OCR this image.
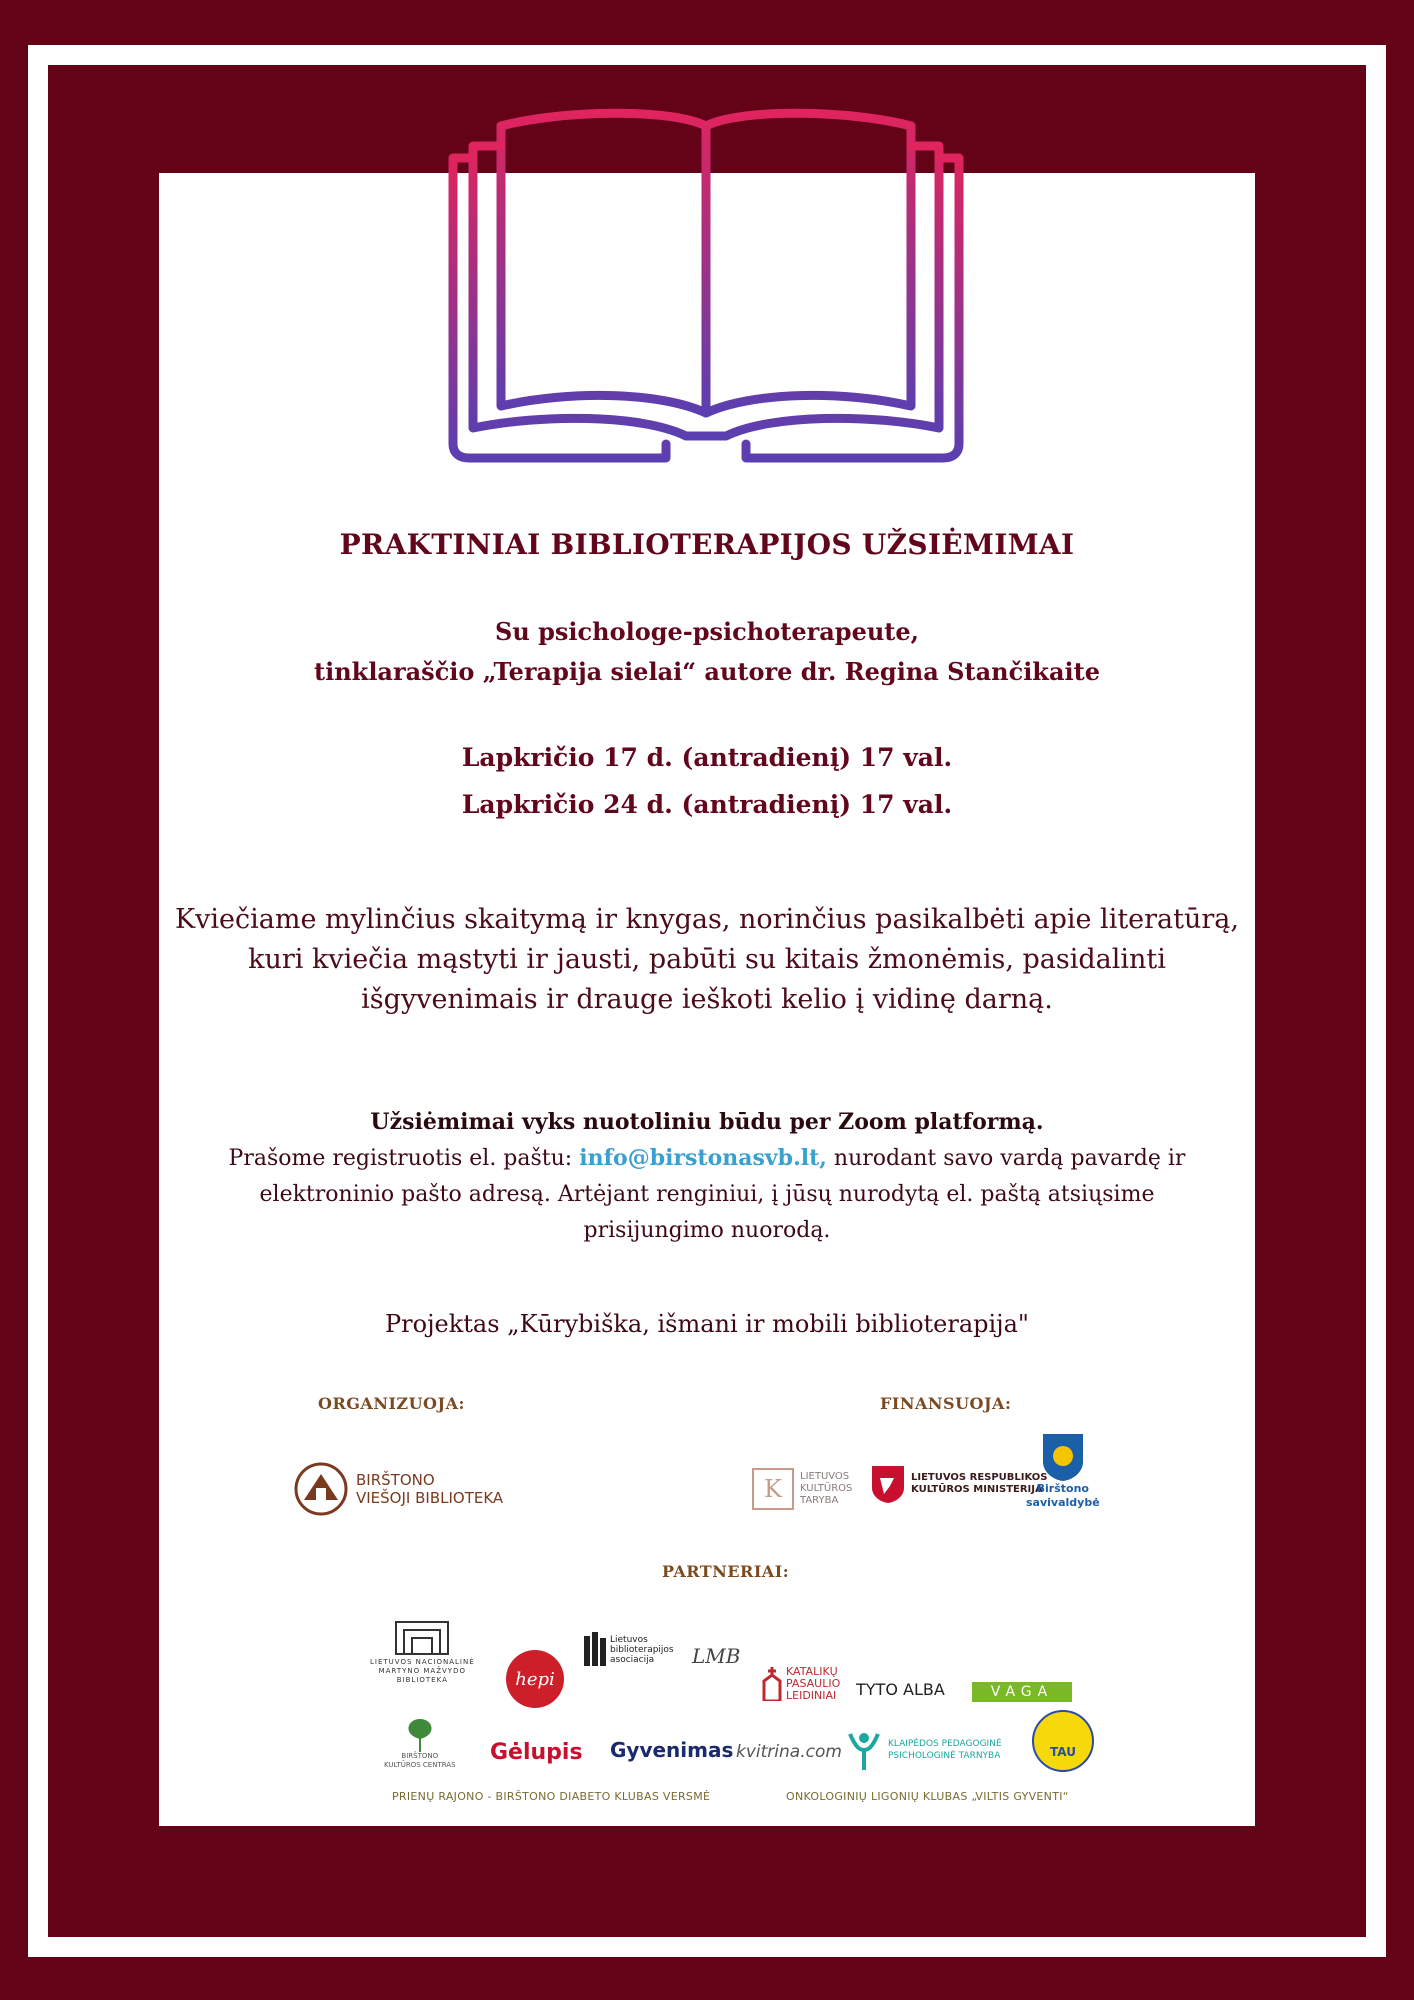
PRAKTINIAI BIBLIOTERAPIJOS UŽSIĖMIMAI
Su psichologe-psichoterapeute,
tinklaraščio „Terapija sielai“ autore dr. Regina Stančikaite
Lapkričio 17 d. (antradienį) 17 val.
Lapkričio 24 d. (antradienį) 17 val.
Kviečiame mylinčius skaitymą ir knygas, norinčius pasikalbėti apie literatūrą,
kuri kviečia mąstyti ir jausti, pabūti su kitais žmonėmis, pasidalinti
išgyvenimais ir drauge ieškoti kelio į vidinę darną.
Užsiėmimai vyks nuotoliniu būdu per Zoom platformą.
Prašome registruotis el. paštu: info@birstonasvb.lt, nurodant savo vardą pavardę ir
elektroninio pašto adresą. Artėjant renginiui, į jūsų nurodytą el. paštą atsiųsime
prisijungimo nuorodą.
Projektas „Kūrybiška, išmani ir mobili biblioterapija"
ORGANIZUOJA:
BIRŠTONO
VIEŠOJI BIBLIOTEKA
FINANSUOJA:
K	LIETUVOS
KULTŪROS
TARYBA
LIETUVOS RESPUBLIKOS
KULTŪROS MINISTERIJA
Birštono
savivaldybė
PARTNERIAI:
LIETUVOS NACIONALINĖ
MARTYNO MAŽVYDO
BIBLIOTEKA	hepi
Lietuvos
biblioterapijos
asociacija	LMB
KATALIKŲ
PASAULIO
LEIDINIAI TYTO ALBA	VAGA
BIRŠTONO
KULTŪROS CENTRAS Gėlupis Gyvenimas kvitrina.com	KLAIPĖDOS PEDAGOGINĖ
PSICHOLOGINĖ TARNYBA	TAU
PRIENŲ RAJONO - BIRŠTONO DIABETO KLUBAS VERSMĖ	ONKOLOGINIŲ LIGONIŲ KLUBAS „VILTIS GYVENTI“
